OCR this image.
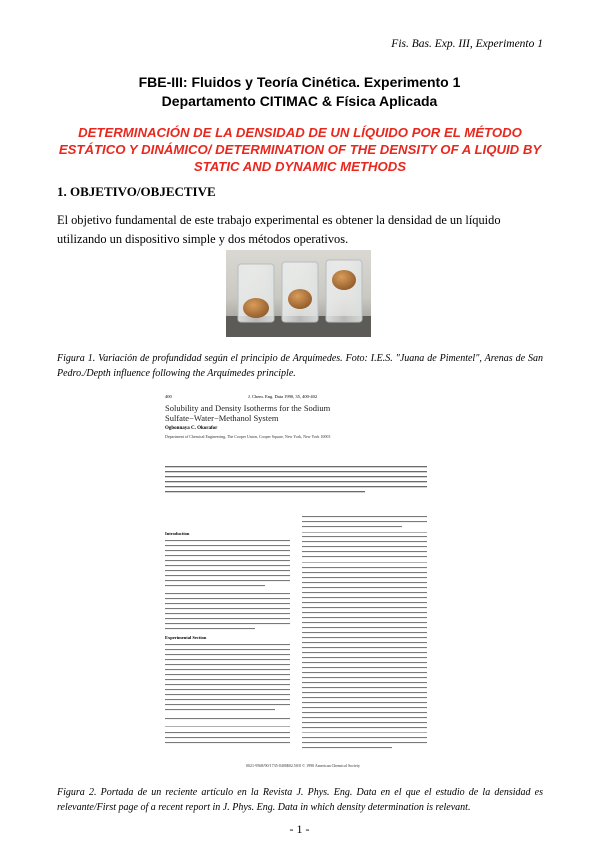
Fis. Bas. Exp. III, Experimento 1
FBE-III: Fluidos y Teoría Cinética. Experimento 1
Departamento CITIMAC & Física Aplicada
DETERMINACIÓN DE LA DENSIDAD DE UN LÍQUIDO POR EL MÉTODO ESTÁTICO Y DINÁMICO/ DETERMINATION OF THE DENSITY OF A LIQUID BY STATIC AND DYNAMIC METHODS
1. OBJETIVO/OBJECTIVE
El objetivo fundamental de este trabajo experimental es obtener la densidad de un líquido utilizando un dispositivo simple y dos métodos operativos.
Figura 1. Variación de profundidad según el principio de Arquímedes. Foto: I.E.S. "Juana de Pimentel", Arenas de San Pedro./Depth influence following the Arquímedes principle.
400	J. Chem. Eng. Data 1990, 35, 400-402
Solubility and Density Isotherms for the Sodium Sulfate−Water−Methanol System
Ogbonnaya C. Okorafor
Department of Chemical Engineering, The Cooper Union, Cooper Square, New York, New York 10003
Introduction
Experimental Section
0021-9568/90/1735-0400$02.50/0 © 1990 American Chemical Society
Figura 2. Portada de un reciente artículo en la Revista J. Phys. Eng. Data en el que el estudio de la densidad es relevante/First page of a recent report in J. Phys. Eng. Data in which density determination is relevant.
- 1 -
